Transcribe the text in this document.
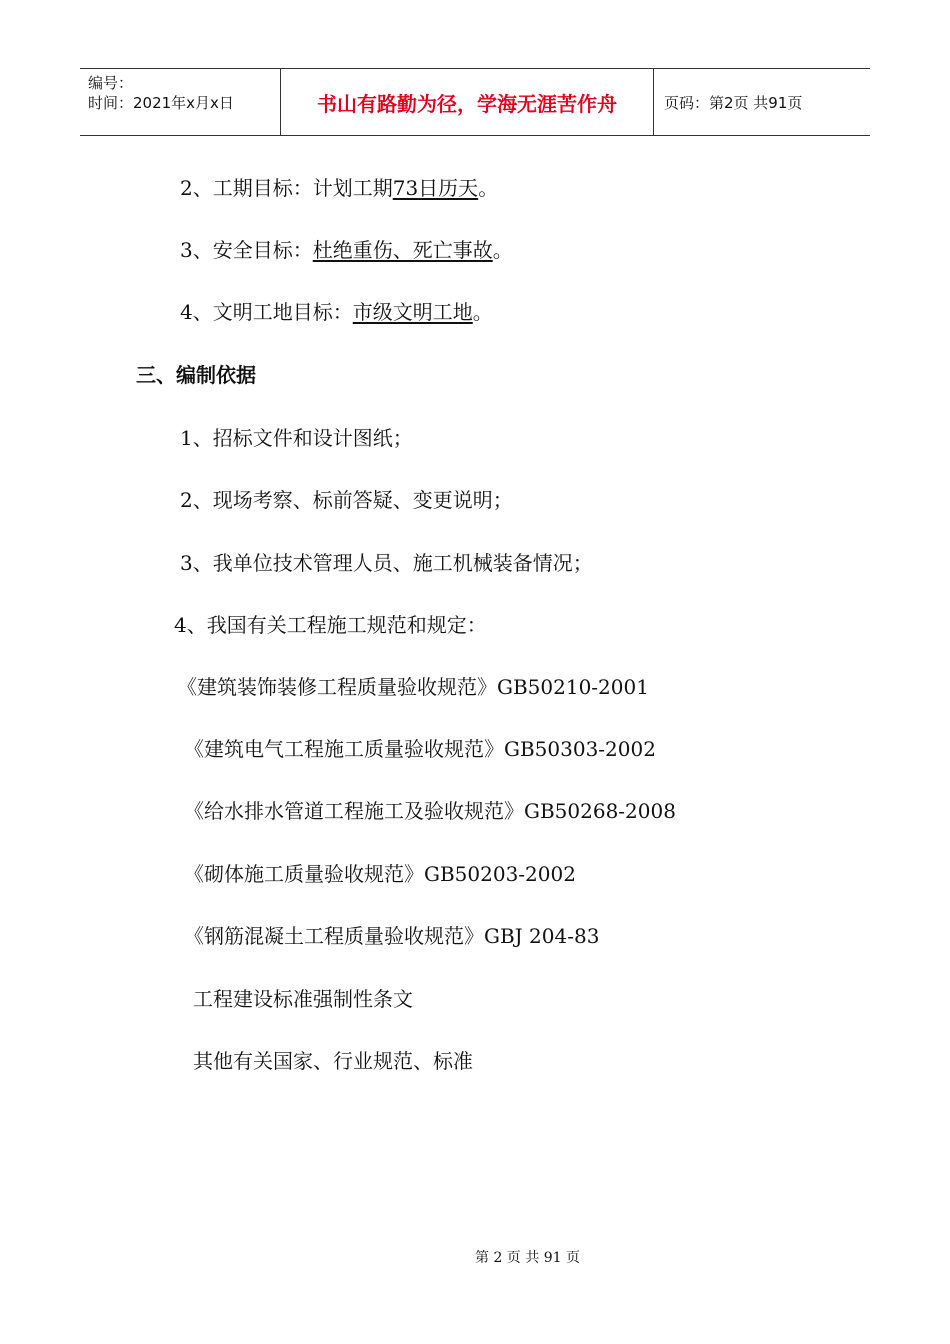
编号：
时间：2021年x月x日	书山有路勤为径，学海无涯苦作舟	页码：第2页 共91页
2、工期目标：计划工期73日历天。
3、安全目标：杜绝重伤、死亡事故。
4、文明工地目标：市级文明工地。
三、编制依据
1、招标文件和设计图纸；
2、现场考察、标前答疑、变更说明；
3、我单位技术管理人员、施工机械装备情况；
4、我国有关工程施工规范和规定：
《建筑装饰装修工程质量验收规范》GB50210-2001
《建筑电气工程施工质量验收规范》GB50303-2002
《给水排水管道工程施工及验收规范》GB50268-2008
《砌体施工质量验收规范》GB50203-2002
《钢筋混凝土工程质量验收规范》GBJ 204-83
工程建设标准强制性条文
其他有关国家、行业规范、标准
第 2 页 共 91 页
